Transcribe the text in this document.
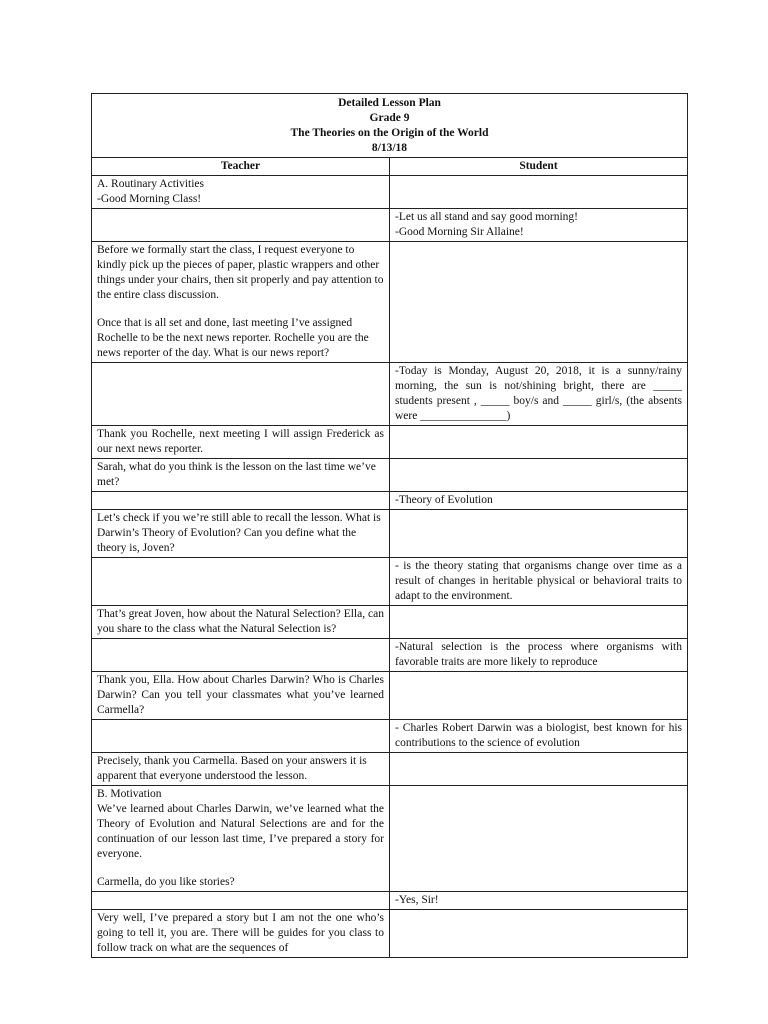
Detailed Lesson Plan
Grade 9
The Theories on the Origin of the World
8/13/18	

Teacher	Student
A. Routinary Activities
-Good Morning Class!	
	-Let us all stand and say good morning!
-Good Morning Sir Allaine!

Before we formally start the class, I request everyone to kindly pick up the pieces of paper, plastic wrappers and other things under your chairs, then sit properly and pay attention to the entire class discussion.
Once that is all set and done, last meeting I’ve assigned Rochelle to be the next news reporter. Rochelle you are the news reporter of the day. What is our news report?	

	-Today is Monday, August 20, 2018, it is a sunny/rainy morning, the sun is not/shining bright, there are _____ students present , _____ boy/s and _____ girl/s, (the absents were _______________)
Thank you Rochelle, next meeting I will assign Frederick as our next news reporter.	
Sarah, what do you think is the lesson on the last time we’ve met?	
	-Theory of Evolution
Let’s check if you we’re still able to recall the lesson. What is Darwin’s Theory of Evolution? Can you define what the theory is, Joven?	
	- is the theory stating that organisms change over time as a result of changes in heritable physical or behavioral traits to adapt to the environment.
That’s great Joven, how about the Natural Selection? Ella, can you share to the class what the Natural Selection is?	
	-Natural selection is the process where organisms with favorable traits are more likely to reproduce
Thank you, Ella. How about Charles Darwin? Who is Charles Darwin? Can you tell your classmates what you’ve learned Carmella?	
	- Charles Robert Darwin was a biologist, best known for his contributions to the science of evolution
Precisely, thank you Carmella. Based on your answers it is apparent that everyone understood the lesson.	

B. Motivation
We’ve learned about Charles Darwin, we’ve learned what the Theory of Evolution and Natural Selections are and for the continuation of our lesson last time, I’ve prepared a story for everyone.
Carmella, do you like stories?	

	-Yes, Sir!
Very well, I’ve prepared a story but I am not the one who’s going to tell it, you are. There will be guides for you class to follow track on what are the sequences of	
